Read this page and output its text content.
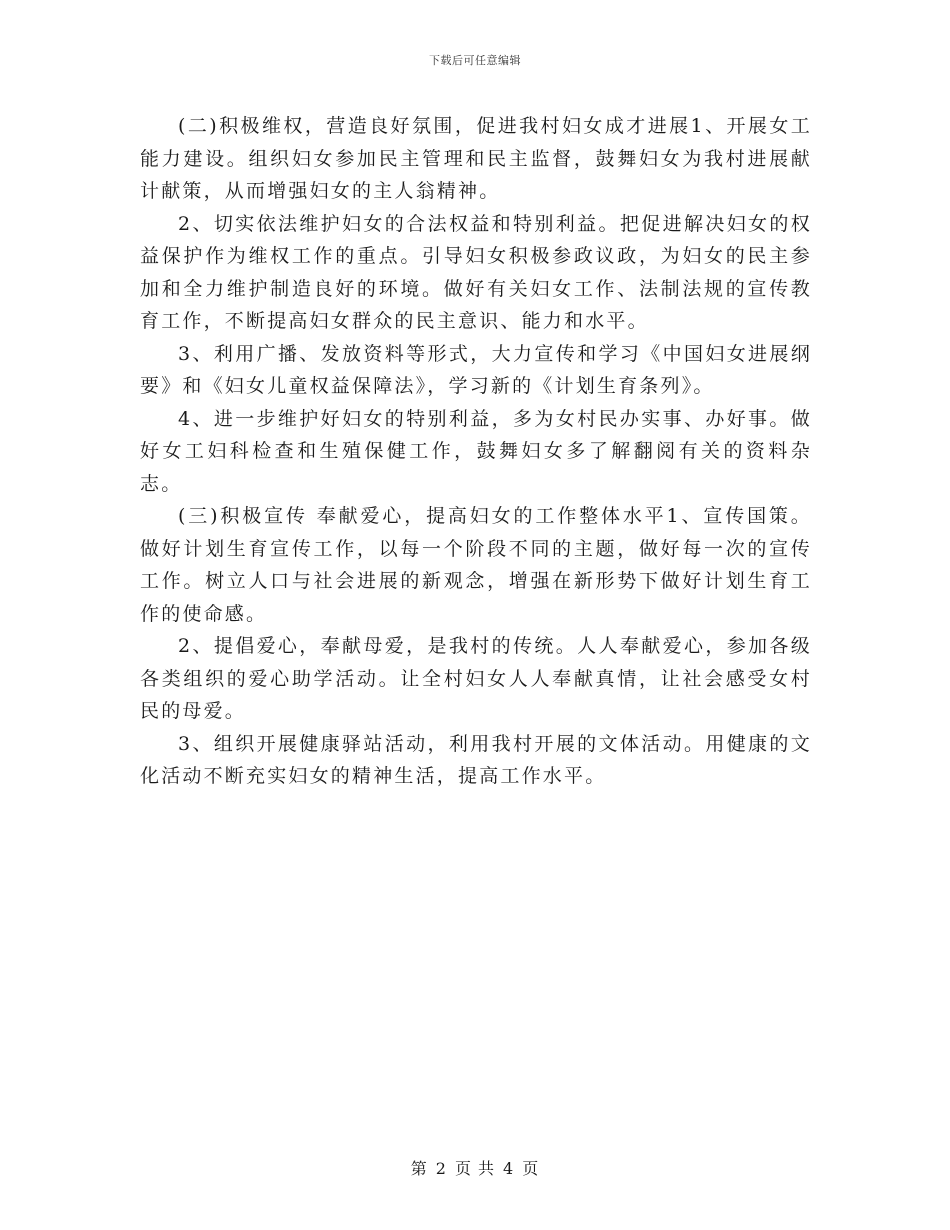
下载后可任意编辑

(二)积极维权，营造良好氛围，促进我村妇女成才进展1、开展女工能力建设。组织妇女参加民主管理和民主监督，鼓舞妇女为我村进展献计献策，从而增强妇女的主人翁精神。

2、切实依法维护妇女的合法权益和特别利益。把促进解决妇女的权益保护作为维权工作的重点。引导妇女积极参政议政，为妇女的民主参加和全力维护制造良好的环境。做好有关妇女工作、法制法规的宣传教育工作，不断提高妇女群众的民主意识、能力和水平。

3、利用广播、发放资料等形式，大力宣传和学习《中国妇女进展纲要》和《妇女儿童权益保障法》，学习新的《计划生育条列》。

4、进一步维护好妇女的特别利益，多为女村民办实事、办好事。做好女工妇科检查和生殖保健工作，鼓舞妇女多了解翻阅有关的资料杂志。

(三)积极宣传 奉献爱心，提高妇女的工作整体水平1、宣传国策。做好计划生育宣传工作，以每一个阶段不同的主题，做好每一次的宣传工作。树立人口与社会进展的新观念，增强在新形势下做好计划生育工作的使命感。

2、提倡爱心，奉献母爱，是我村的传统。人人奉献爱心，参加各级各类组织的爱心助学活动。让全村妇女人人奉献真情，让社会感受女村民的母爱。

3、组织开展健康驿站活动，利用我村开展的文体活动。用健康的文化活动不断充实妇女的精神生活，提高工作水平。

第 2 页 共 4 页
